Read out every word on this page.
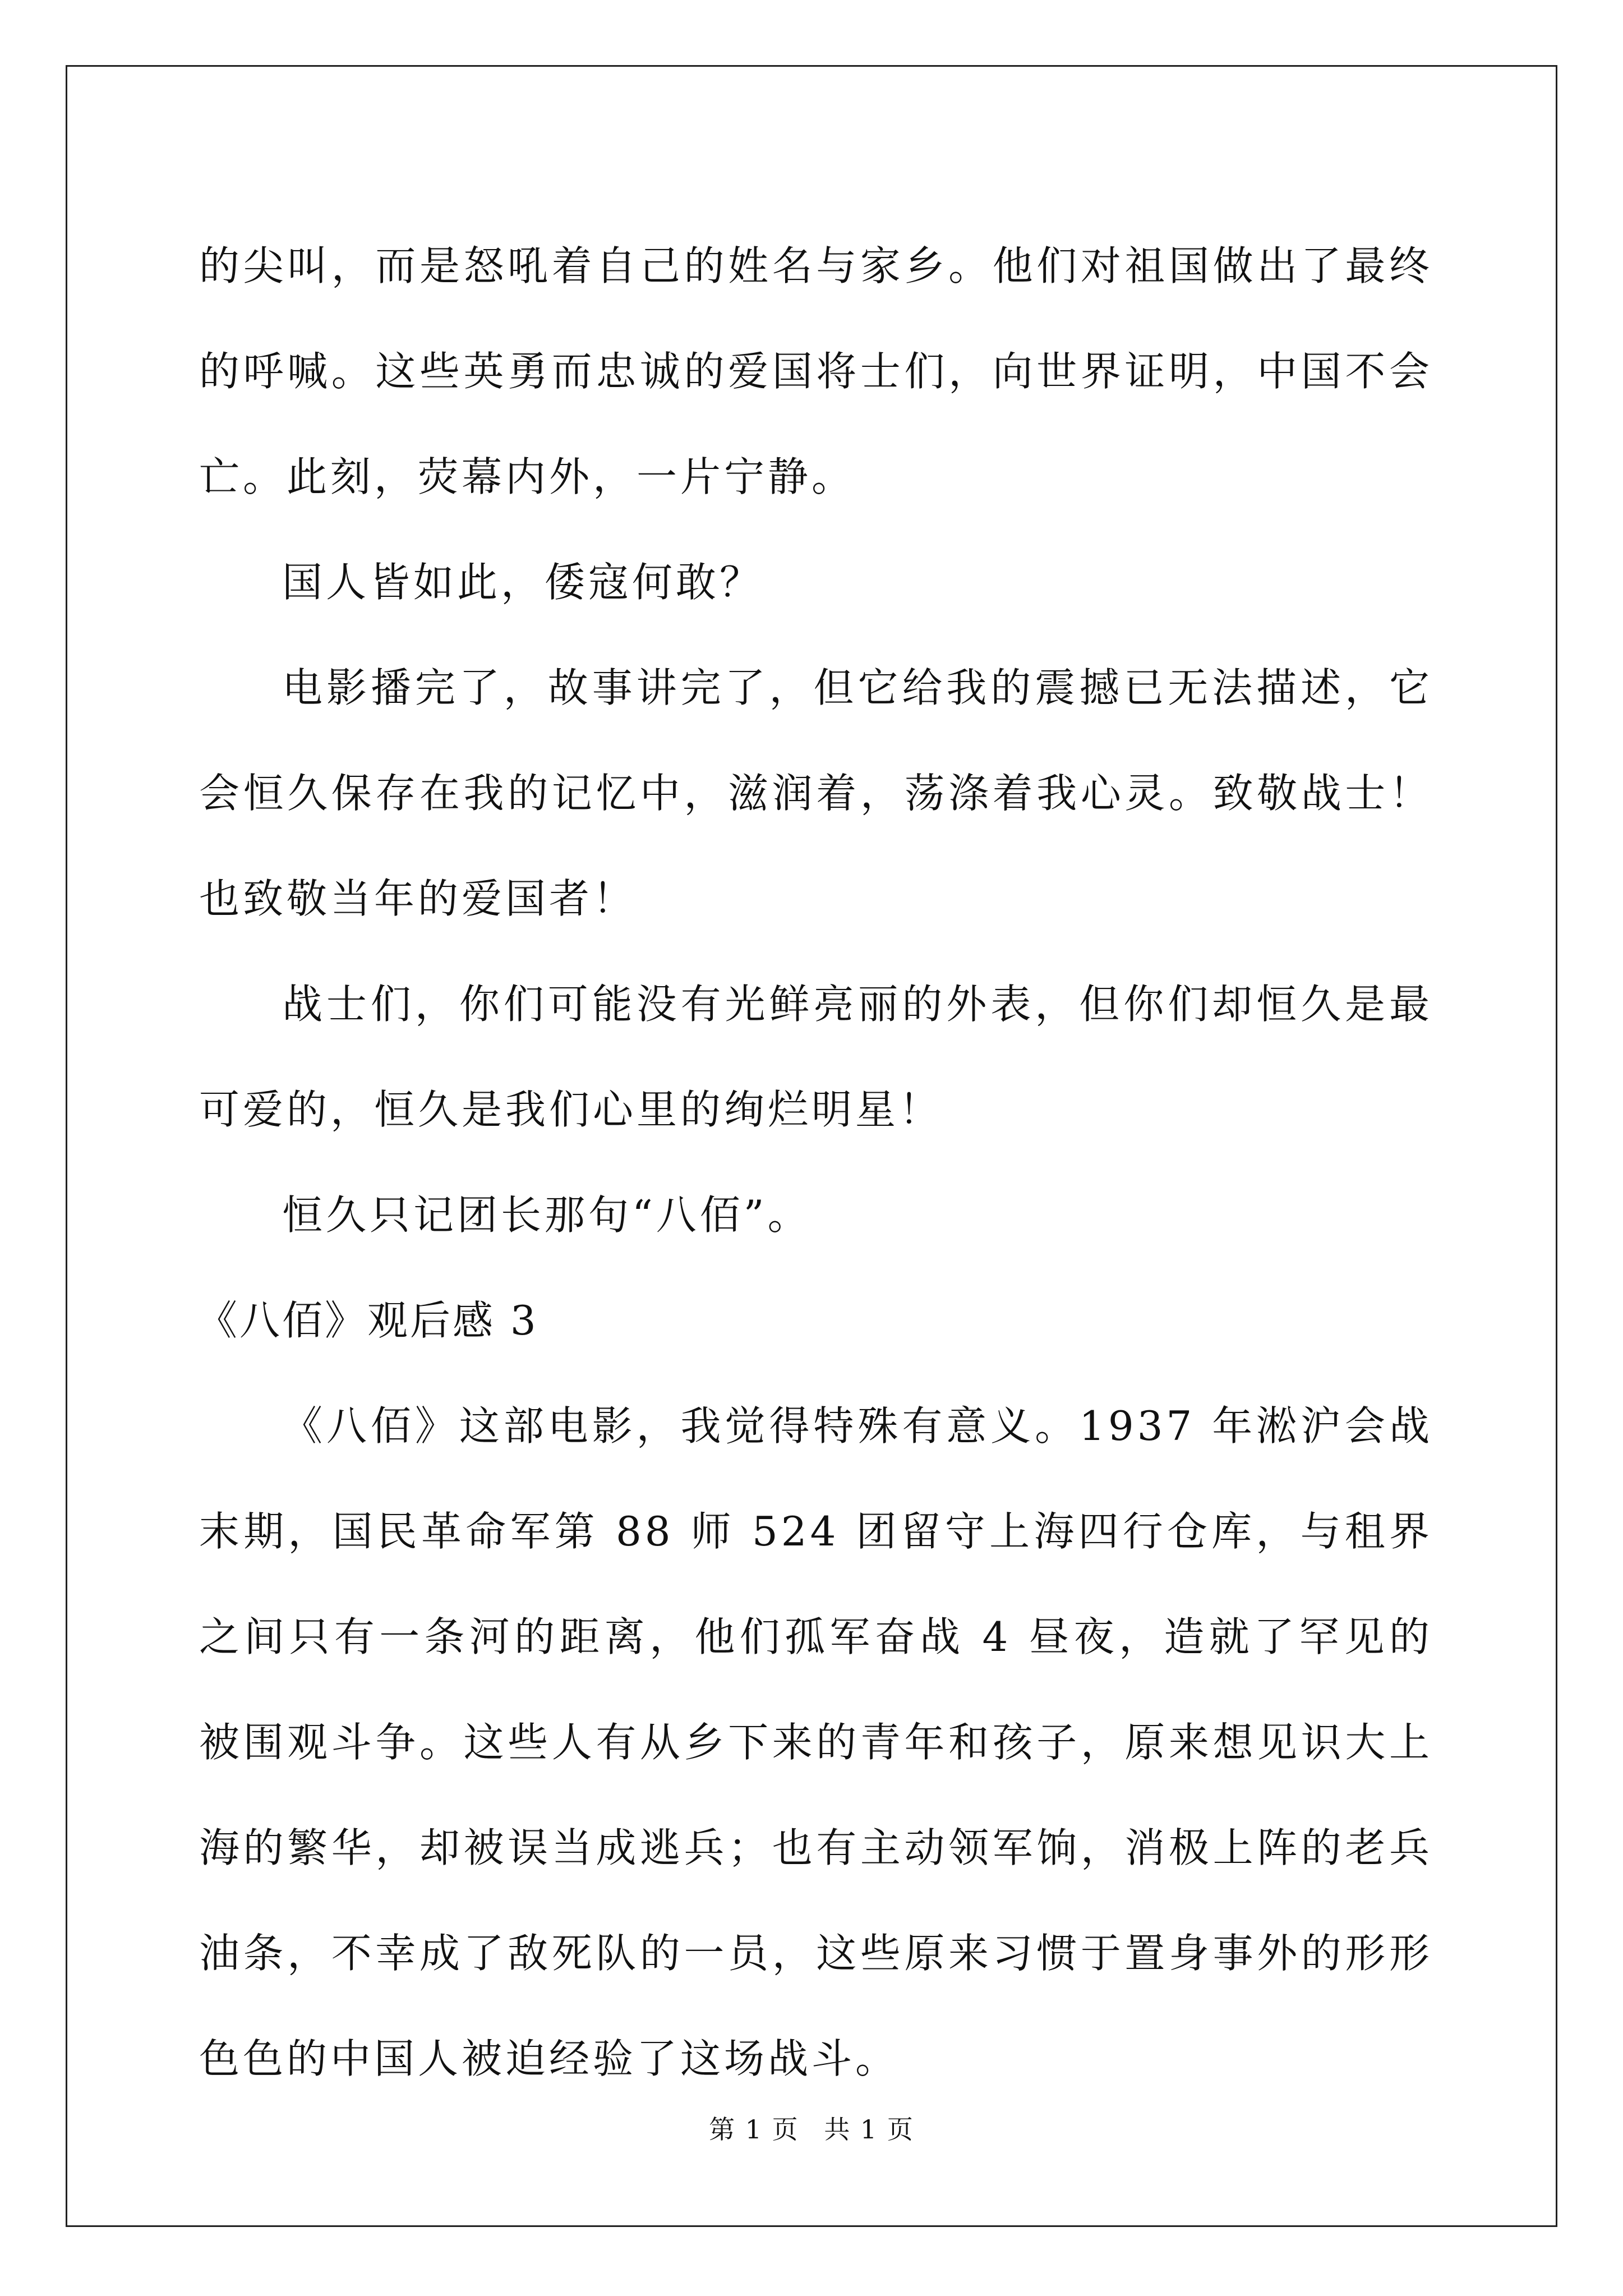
的尖叫，而是怒吼着自己的姓名与家乡。他们对祖国做出了最终的呼喊。这些英勇而忠诚的爱国将士们，向世界证明，中国不会亡。此刻，荧幕内外，一片宁静。

国人皆如此，倭寇何敢？

电影播完了，故事讲完了，但它给我的震撼已无法描述，它会恒久保存在我的记忆中，滋润着，荡涤着我心灵。致敬战士！也致敬当年的爱国者！

战士们，你们可能没有光鲜亮丽的外表，但你们却恒久是最可爱的，恒久是我们心里的绚烂明星！

恒久只记团长那句“八佰”。

《八佰》观后感 3

《八佰》这部电影，我觉得特殊有意义。1937 年淞沪会战末期，国民革命军第 88 师 524 团留守上海四行仓库，与租界之间只有一条河的距离，他们孤军奋战 4 昼夜，造就了罕见的被围观斗争。这些人有从乡下来的青年和孩子，原来想见识大上海的繁华，却被误当成逃兵；也有主动领军饷，消极上阵的老兵油条，不幸成了敌死队的一员，这些原来习惯于置身事外的形形色色的中国人被迫经验了这场战斗。

第 1 页 共 1 页
